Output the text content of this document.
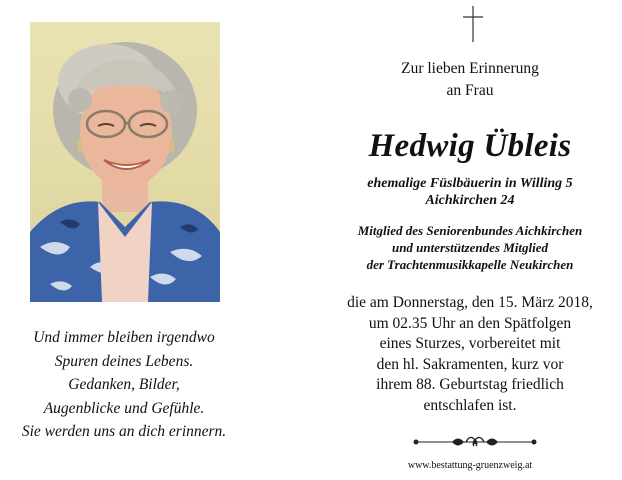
Und immer bleiben irgendwo
Spuren deines Lebens.
Gedanken, Bilder,
Augenblicke und Gefühle.
Sie werden uns an dich erinnern.
Zur lieben Erinnerung
an Frau
Hedwig Übleis
ehemalige Füslbäuerin in Willing 5
Aichkirchen 24
Mitglied des Seniorenbundes Aichkirchen
und unterstützendes Mitglied
der Trachtenmusikkapelle Neukirchen
die am Donnerstag, den 15. März 2018,
um 02.35 Uhr an den Spätfolgen
eines Sturzes, vorbereitet mit
den hl. Sakramenten, kurz vor
ihrem 88. Geburtstag friedlich
entschlafen ist.
www.bestattung-gruenzweig.at
